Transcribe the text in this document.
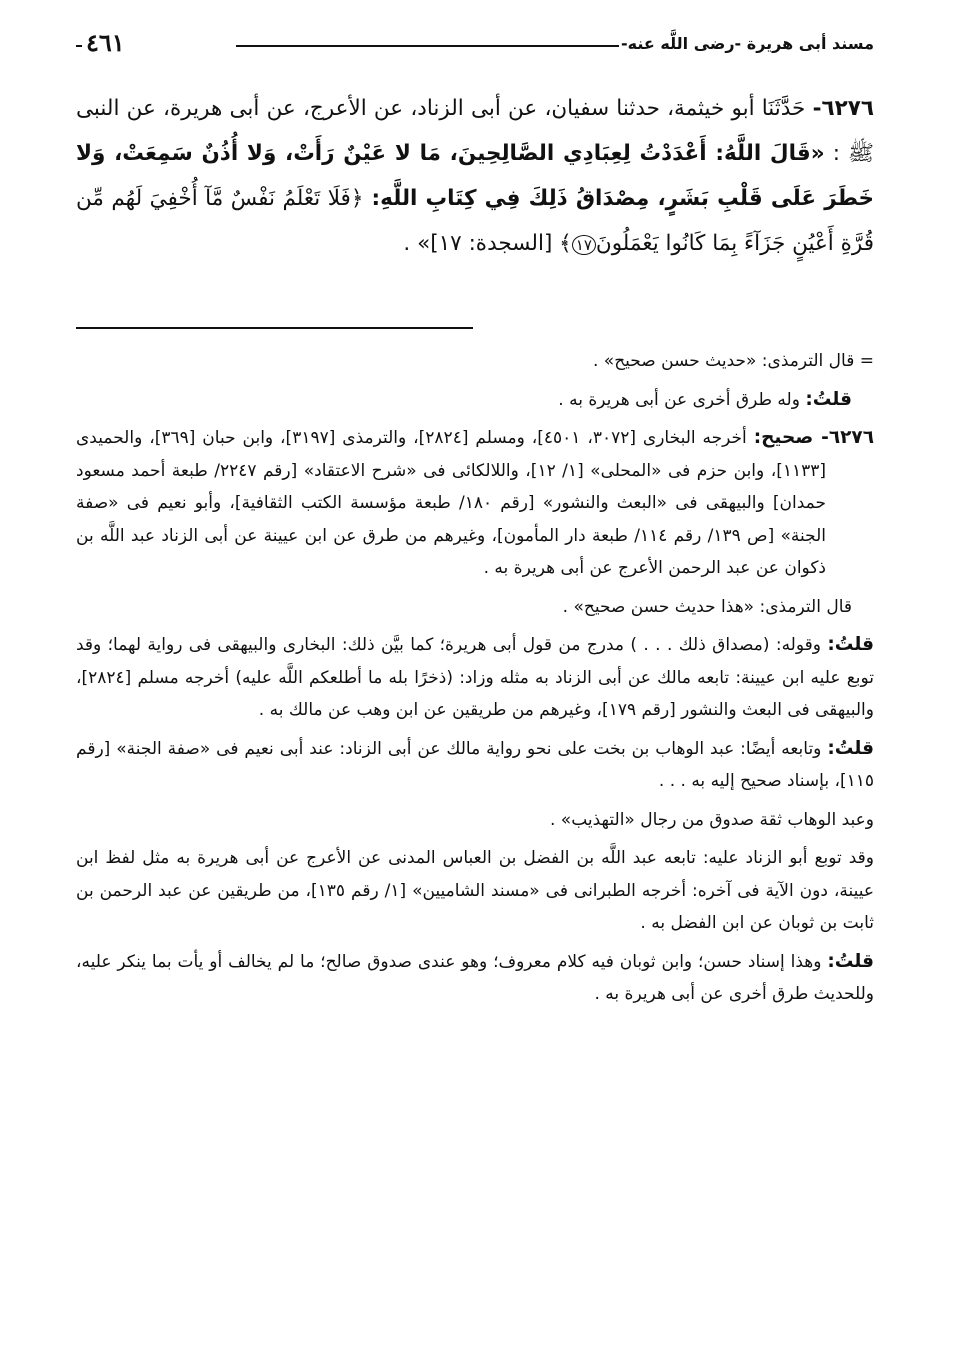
مسند أبى هريرة -رضى اللَّه عنه-
٤٦١
٦٢٧٦- حَدَّثَنَا أبو خيثمة، حدثنا سفيان، عن أبى الزناد، عن الأعرج، عن أبى هريرة، عن النبى ﷺ : «قَالَ اللَّهُ: أَعْدَدْتُ لِعِبَادِي الصَّالِحِينَ، مَا لا عَيْنٌ رَأَتْ، وَلا أُذُنٌ سَمِعَتْ، وَلا خَطَرَ عَلَى قَلْبِ بَشَرٍ، مِصْدَاقُ ذَلِكَ فِي كِتَابِ اللَّهِ: ﴿فَلَا تَعْلَمُ نَفْسٌ مَّآ أُخْفِيَ لَهُم مِّن قُرَّةِ أَعْيُنٍ جَزَآءً بِمَا كَانُوا يَعْمَلُونَ١٧﴾ [السجدة: ١٧]» .

= قال الترمذى: «حديث حسن صحيح» .

قلتُ: وله طرق أخرى عن أبى هريرة به .

٦٢٧٦- صحيح: أخرجه البخارى [٣٠٧٢، ٤٥٠١]، ومسلم [٢٨٢٤]، والترمذى [٣١٩٧]، وابن حبان [٣٦٩]، والحميدى [١١٣٣]، وابن حزم فى «المحلى» [١/ ١٢]، واللالكائى فى «شرح الاعتقاد» [رقم ٢٢٤٧/ طبعة أحمد مسعود حمدان] والبيهقى فى «البعث والنشور» [رقم ١٨٠/ طبعة مؤسسة الكتب الثقافية]، وأبو نعيم فى «صفة الجنة» [ص ١٣٩/ رقم ١١٤/ طبعة دار المأمون]، وغيرهم من طرق عن ابن عيينة عن أبى الزناد عبد اللَّه بن ذكوان عن عبد الرحمن الأعرج عن أبى هريرة به .

قال الترمذى: «هذا حديث حسن صحيح» .

قلتُ: وقوله: (مصداق ذلك . . . ) مدرج من قول أبى هريرة؛ كما بيَّن ذلك: البخارى والبيهقى فى رواية لهما؛ وقد توبع عليه ابن عيينة: تابعه مالك عن أبى الزناد به مثله وزاد: (ذخرًا بله ما أطلعكم اللَّه عليه) أخرجه مسلم [٢٨٢٤]، والبيهقى فى البعث والنشور [رقم ١٧٩]، وغيرهم من طريقين عن ابن وهب عن مالك به .

قلتُ: وتابعه أيضًا: عبد الوهاب بن بخت على نحو رواية مالك عن أبى الزناد: عند أبى نعيم فى «صفة الجنة» [رقم ١١٥]، بإسناد صحيح إليه به . . .

وعبد الوهاب ثقة صدوق من رجال «التهذيب» .

وقد توبع أبو الزناد عليه: تابعه عبد اللَّه بن الفضل بن العباس المدنى عن الأعرج عن أبى هريرة به مثل لفظ ابن عيينة، دون الآية فى آخره: أخرجه الطبرانى فى «مسند الشاميين» [١/ رقم ١٣٥]، من طريقين عن عبد الرحمن بن ثابت بن ثوبان عن ابن الفضل به .

قلتُ: وهذا إسناد حسن؛ وابن ثوبان فيه كلام معروف؛ وهو عندى صدوق صالح؛ ما لم يخالف أو يأت بما ينكر عليه، وللحديث طرق أخرى عن أبى هريرة به .
